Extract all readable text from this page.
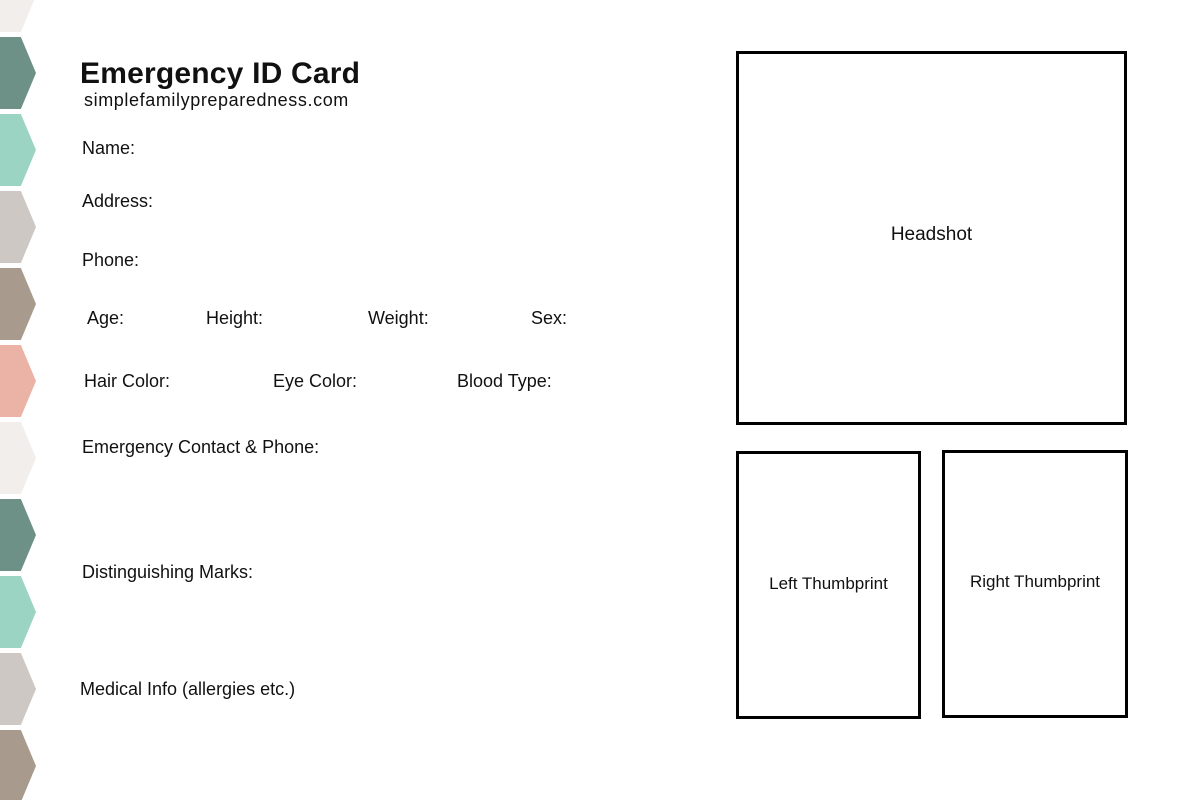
Emergency ID Card
simplefamilypreparedness.com
Name:
Address:
Phone:
Age:	Height:	Weight:	Sex:
Hair Color:	Eye Color:	Blood Type:
Emergency Contact & Phone:
Distinguishing Marks:
Medical Info (allergies etc.)
Headshot
Left Thumbprint	Right Thumbprint
